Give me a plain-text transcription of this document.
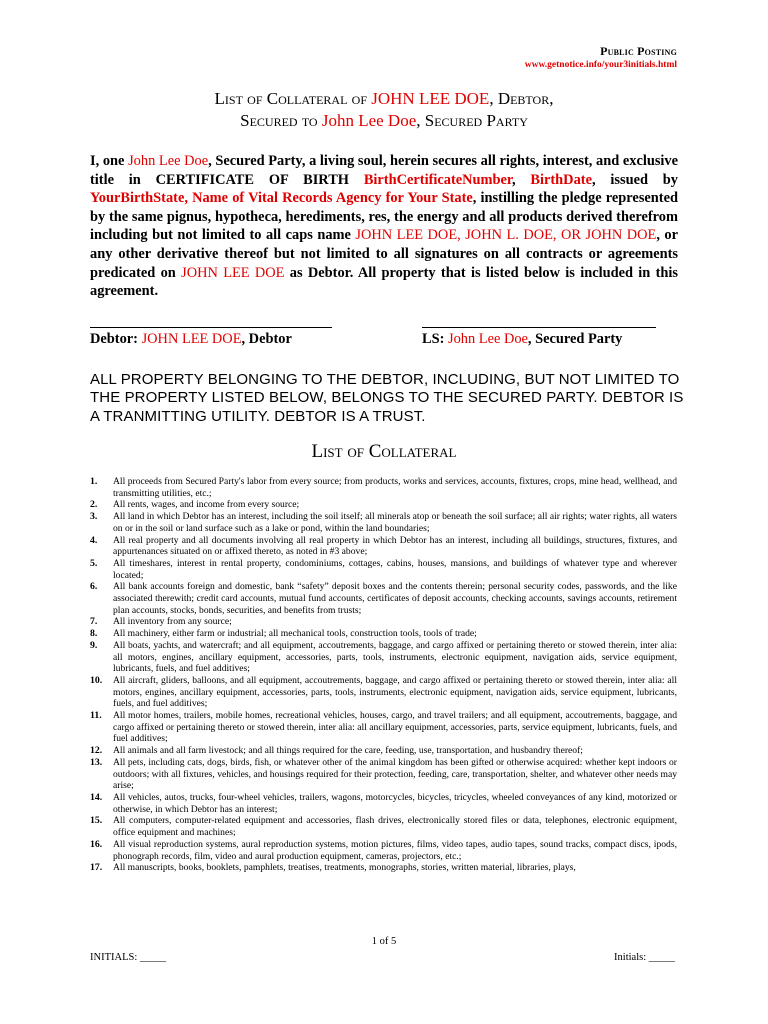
Public Posting
www.getnotice.info/your3initials.html
List of Collateral of JOHN LEE DOE, Debtor,
Secured to John Lee Doe, Secured Party
I, one John Lee Doe, Secured Party, a living soul, herein secures all rights, interest, and exclusive title in CERTIFICATE OF BIRTH BirthCertificateNumber, BirthDate, issued by YourBirthState, Name of Vital Records Agency for Your State, instilling the pledge represented by the same pignus, hypotheca, herediments, res, the energy and all products derived therefrom including but not limited to all caps name JOHN LEE DOE, JOHN L. DOE, OR JOHN DOE, or any other derivative thereof but not limited to all signatures on all contracts or agreements predicated on JOHN LEE DOE as Debtor. All property that is listed below is included in this agreement.
Debtor: JOHN LEE DOE, Debtor	LS: John Lee Doe, Secured Party
ALL PROPERTY BELONGING TO THE DEBTOR, INCLUDING, BUT NOT LIMITED TO THE PROPERTY LISTED BELOW, BELONGS TO THE SECURED PARTY. DEBTOR IS A TRANMITTING UTILITY. DEBTOR IS A TRUST.
List of Collateral
1. All proceeds from Secured Party's labor from every source; from products, works and services, accounts, fixtures, crops, mine head, wellhead, and transmitting utilities, etc.;
2. All rents, wages, and income from every source;
3. All land in which Debtor has an interest, including the soil itself; all minerals atop or beneath the soil surface; all air rights; water rights, all waters on or in the soil or land surface such as a lake or pond, within the land boundaries;
4. All real property and all documents involving all real property in which Debtor has an interest, including all buildings, structures, fixtures, and appurtenances situated on or affixed thereto, as noted in #3 above;
5. All timeshares, interest in rental property, condominiums, cottages, cabins, houses, mansions, and buildings of whatever type and wherever located;
6. All bank accounts foreign and domestic, bank “safety” deposit boxes and the contents therein; personal security codes, passwords, and the like associated therewith; credit card accounts, mutual fund accounts, certificates of deposit accounts, checking accounts, savings accounts, retirement plan accounts, stocks, bonds, securities, and benefits from trusts;
7. All inventory from any source;
8. All machinery, either farm or industrial; all mechanical tools, construction tools, tools of trade;
9. All boats, yachts, and watercraft; and all equipment, accoutrements, baggage, and cargo affixed or pertaining thereto or stowed therein, inter alia: all motors, engines, ancillary equipment, accessories, parts, tools, instruments, electronic equipment, navigation aids, service equipment, lubricants, fuels, and fuel additives;
10. All aircraft, gliders, balloons, and all equipment, accoutrements, baggage, and cargo affixed or pertaining thereto or stowed therein, inter alia: all motors, engines, ancillary equipment, accessories, parts, tools, instruments, electronic equipment, navigation aids, service equipment, lubricants, fuels, and fuel additives;
11. All motor homes, trailers, mobile homes, recreational vehicles, houses, cargo, and travel trailers; and all equipment, accoutrements, baggage, and cargo affixed or pertaining thereto or stowed therein, inter alia: all ancillary equipment, accessories, parts, service equipment, lubricants, fuels, and fuel additives;
12. All animals and all farm livestock; and all things required for the care, feeding, use, transportation, and husbandry thereof;
13. All pets, including cats, dogs, birds, fish, or whatever other of the animal kingdom has been gifted or otherwise acquired: whether kept indoors or outdoors; with all fixtures, vehicles, and housings required for their protection, feeding, care, transportation, shelter, and whatever other needs may arise;
14. All vehicles, autos, trucks, four-wheel vehicles, trailers, wagons, motorcycles, bicycles, tricycles, wheeled conveyances of any kind, motorized or otherwise, in which Debtor has an interest;
15. All computers, computer-related equipment and accessories, flash drives, electronically stored files or data, telephones, electronic equipment, office equipment and machines;
16. All visual reproduction systems, aural reproduction systems, motion pictures, films, video tapes, audio tapes, sound tracks, compact discs, ipods, phonograph records, film, video and aural production equipment, cameras, projectors, etc.;
17. All manuscripts, books, booklets, pamphlets, treatises, treatments, monographs, stories, written material, libraries, plays,
1 of 5
INITIALS: _____	Initials: _____
